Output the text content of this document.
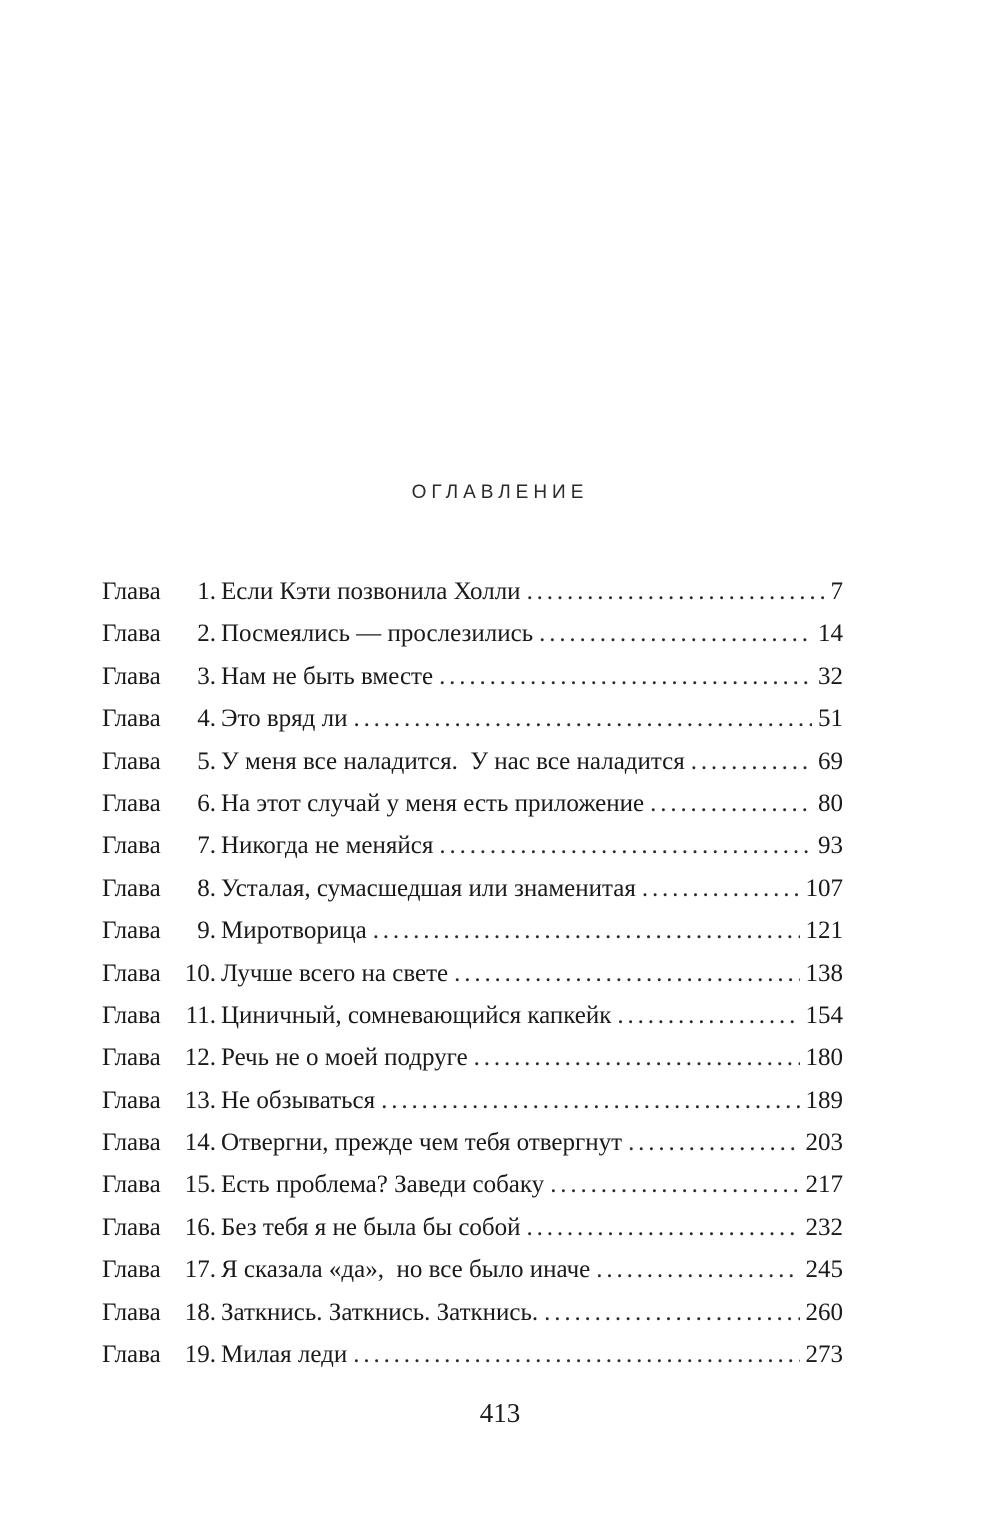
ОГЛАВЛЕНИЕ
Глава 1. Если Кэти позвонила Холли . . .	7
Глава 2. Посмеялись — прослезились . . .	14
Глава 3. Нам не быть вместе . . .	32
Глава 4. Это вряд ли . . .	51
Глава 5. У меня все наладится.  У нас все наладится . . .	69
Глава 6. На этот случай у меня есть приложение . . .	80
Глава 7. Никогда не меняйся . . .	93
Глава 8. Усталая, сумасшедшая или знаменитая . . .	107
Глава 9. Миротворица . . .	121
Глава 10. Лучше всего на свете . . .	138
Глава 11. Циничный, сомневающийся капкейк . . .	154
Глава 12. Речь не о моей подруге . . .	180
Глава 13. Не обзываться . . .	189
Глава 14. Отвергни, прежде чем тебя отвергнут . . .	203
Глава 15. Есть проблема? Заведи собаку . . .	217
Глава 16. Без тебя я не была бы собой . . .	232
Глава 17. Я сказала «да»,  но все было иначе . . .	245
Глава 18. Заткнись. Заткнись. Заткнись. . . .	260
Глава 19. Милая леди . . .	273
413
